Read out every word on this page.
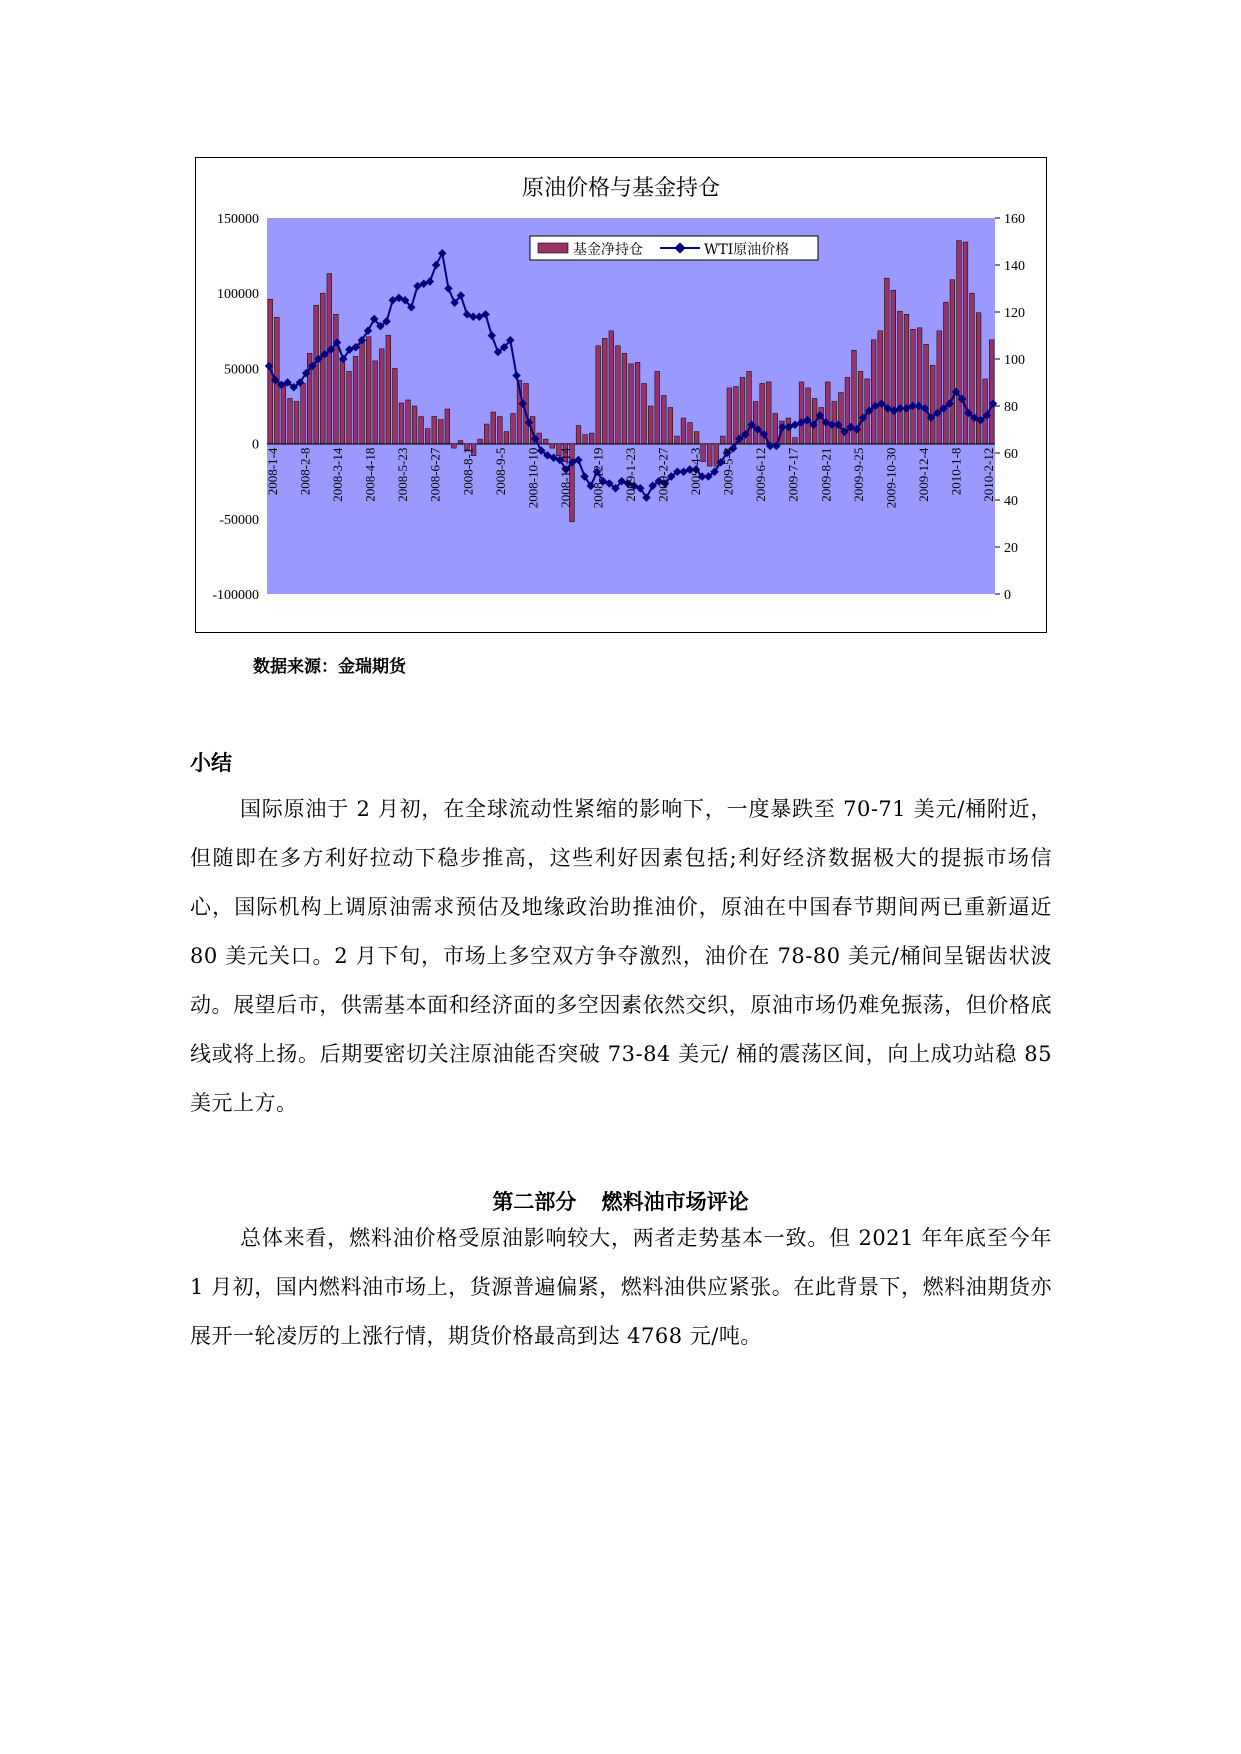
原油价格与基金持仓
150000
100000
50000
0
-50000
-100000
160
140
120
100
80
60
40
20
0
2008-1-4 2008-2-8 2008-3-14 2008-4-18 2008-5-23 2008-6-27 2008-8-1 2008-9-5 2008-10-10 2008-11-14 2008-12-19 2009-1-23 2009-2-27 2009-4-3 2009-5-8 2009-6-12 2009-7-17 2009-8-21 2009-9-25 2009-10-30 2009-12-4 2010-1-8 2010-2-12
基金净持仓	WTI原油价格

数据来源：金瑞期货

小结

国际原油于 2 月初，在全球流动性紧缩的影响下，一度暴跌至 70-71 美元/桶附近，但随即在多方利好拉动下稳步推高，这些利好因素包括;利好经济数据极大的提振市场信心，国际机构上调原油需求预估及地缘政治助推油价，原油在中国春节期间两已重新逼近 80 美元关口。2 月下旬，市场上多空双方争夺激烈，油价在 78-80 美元/桶间呈锯齿状波动。展望后市，供需基本面和经济面的多空因素依然交织，原油市场仍难免振荡，但价格底线或将上扬。后期要密切关注原油能否突破 73-84 美元/ 桶的震荡区间，向上成功站稳 85 美元上方。

第二部分 燃料油市场评论

总体来看，燃料油价格受原油影响较大，两者走势基本一致。但 2021 年年底至今年 1 月初，国内燃料油市场上，货源普遍偏紧，燃料油供应紧张。在此背景下，燃料油期货亦展开一轮凌厉的上涨行情，期货价格最高到达 4768 元/吨。
